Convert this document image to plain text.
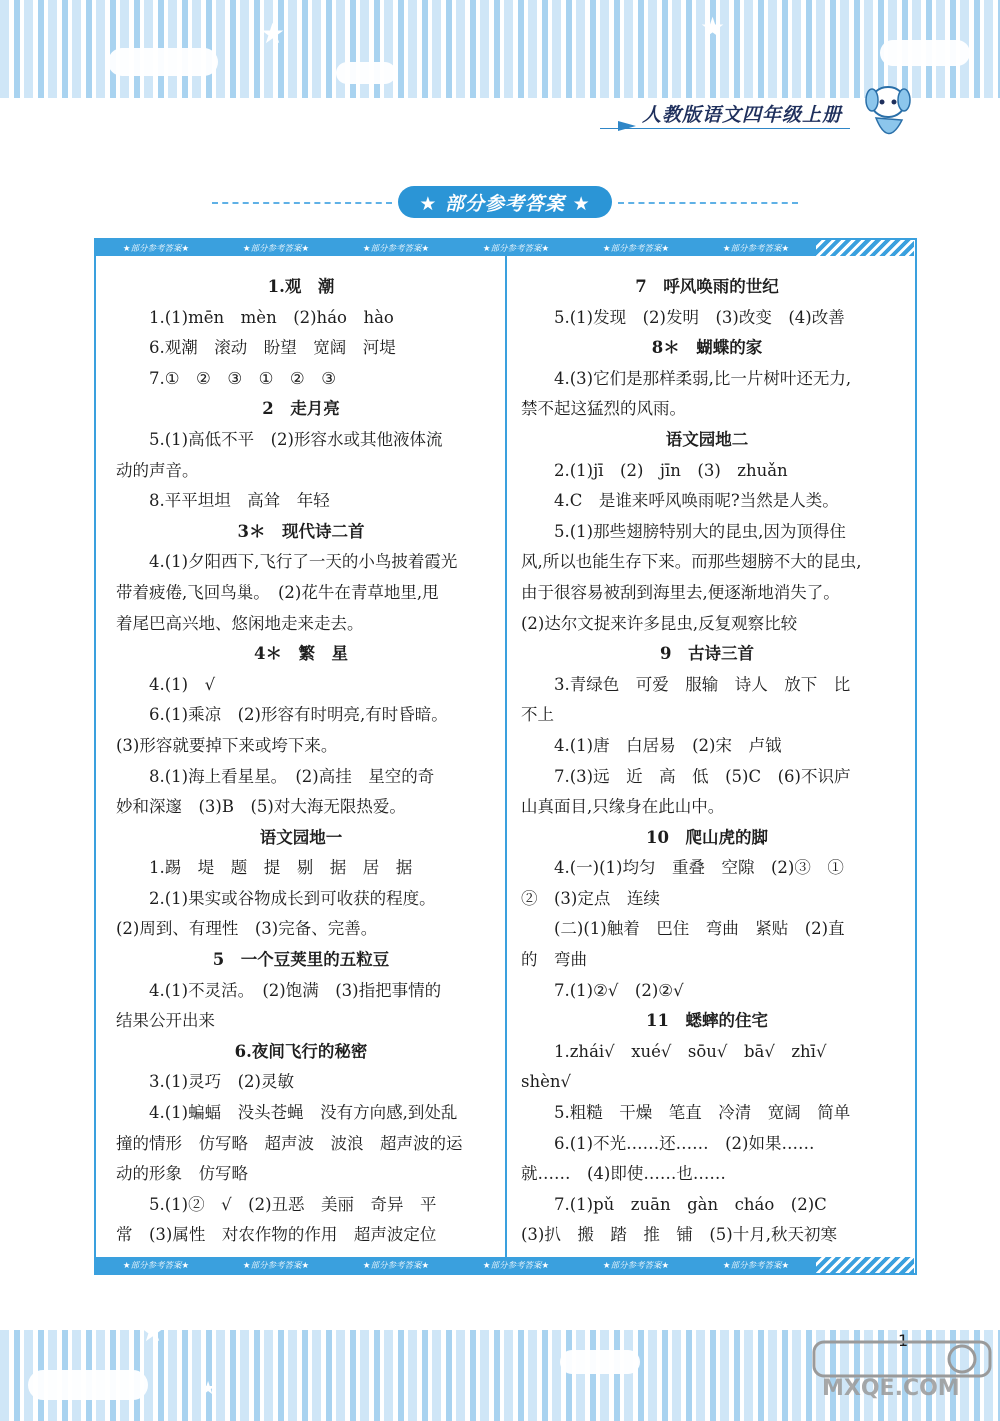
★	★
★
★
人教版语文四年级上册
★ 部分参考答案 ★
★部分参考答案★	★部分参考答案★	★部分参考答案★	★部分参考答案★	★部分参考答案★	★部分参考答案★
★部分参考答案★	★部分参考答案★	★部分参考答案★	★部分参考答案★	★部分参考答案★	★部分参考答案★
1.观　潮
1.(1)mēn　mèn　(2)háo　hào
6.观潮　滚动　盼望　宽阔　河堤
7.①　②　③　①　②　③
2　走月亮
5.(1)高低不平　(2)形容水或其他液体流
动的声音。
8.平平坦坦　高耸　年轻
3＊　现代诗二首
4.(1)夕阳西下,飞行了一天的小鸟披着霞光
带着疲倦,飞回鸟巢。　(2)花牛在青草地里,甩
着尾巴高兴地、悠闲地走来走去。
4＊　繁　星
4.(1)　√
6.(1)乘凉　(2)形容有时明亮,有时昏暗。
(3)形容就要掉下来或垮下来。
8.(1)海上看星星。　(2)高挂　星空的奇
妙和深邃　(3)B　(5)对大海无限热爱。
语文园地一
1.踢　堤　题　提　剔　据　居　据
2.(1)果实或谷物成长到可收获的程度。
(2)周到、有理性　(3)完备、完善。
5　一个豆荚里的五粒豆
4.(1)不灵活。　(2)饱满　(3)指把事情的
结果公开出来
6.夜间飞行的秘密
3.(1)灵巧　(2)灵敏
4.(1)蝙蝠　没头苍蝇　没有方向感,到处乱
撞的情形　仿写略　超声波　波浪　超声波的运
动的形象　仿写略
5.(1)②　√　(2)丑恶　美丽　奇异　平
常　(3)属性　对农作物的作用　超声波定位
7　呼风唤雨的世纪
5.(1)发现　(2)发明　(3)改变　(4)改善
8＊　蝴蝶的家
4.(3)它们是那样柔弱,比一片树叶还无力,
禁不起这猛烈的风雨。
语文园地二
2.(1)jī　(2)　jīn　(3)　zhuǎn
4.C　是谁来呼风唤雨呢?当然是人类。
5.(1)那些翅膀特别大的昆虫,因为顶得住
风,所以也能生存下来。而那些翅膀不大的昆虫,
由于很容易被刮到海里去,便逐渐地消失了。
(2)达尔文捉来许多昆虫,反复观察比较
9　古诗三首
3.青绿色　可爱　服输　诗人　放下　比
不上
4.(1)唐　白居易　(2)宋　卢钺
7.(3)远　近　高　低　(5)C　(6)不识庐
山真面目,只缘身在此山中。
10　爬山虎的脚
4.(一)(1)均匀　重叠　空隙　(2)③　①
②　(3)定点　连续
(二)(1)触着　巴住　弯曲　紧贴　(2)直
的　弯曲
7.(1)②√　(2)②√
11　蟋蟀的住宅
1.zhái√　xué√　sōu√　bā√　zhī√
shèn√
5.粗糙　干燥　笔直　冷清　宽阔　简单
6.(1)不光……还……　(2)如果……
就……　(4)即使……也……
7.(1)pǔ　zuān　gàn　cháo　(2)C
(3)扒　搬　踏　推　铺　(5)十月,秋天初寒
1
MXQE.COM
